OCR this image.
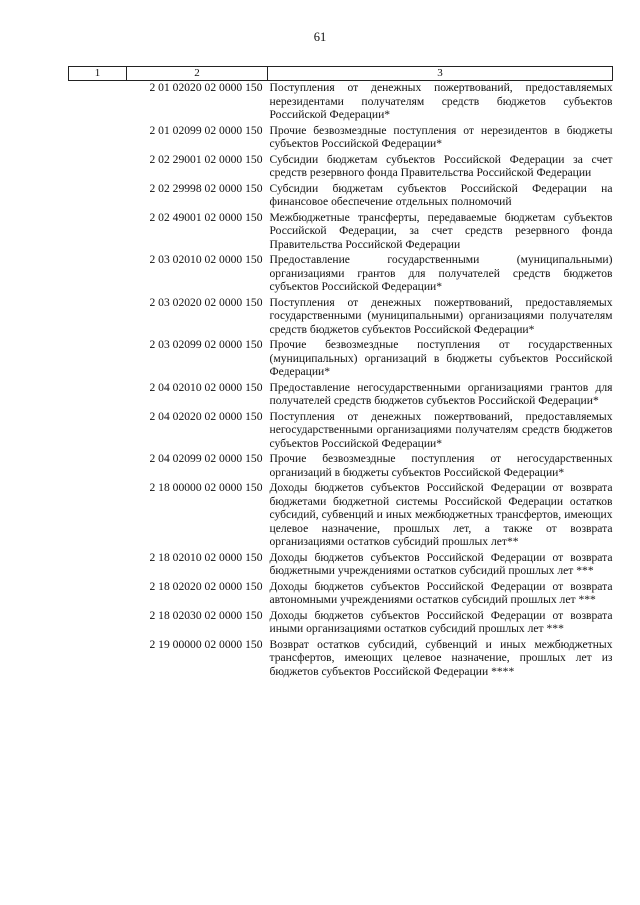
61
1	2	3
	2 01 02020 02 0000 150	Поступления от денежных пожертвований, предоставляемых нерезидентами получателям средств бюджетов субъектов Российской Федерации*
	2 01 02099 02 0000 150	Прочие безвозмездные поступления от нерезидентов в бюджеты субъектов Российской Федерации*
	2 02 29001 02 0000 150	Субсидии бюджетам субъектов Российской Федерации за счет средств резервного фонда Правительства Российской Федерации
	2 02 29998 02 0000 150	Субсидии бюджетам субъектов Российской Федерации на финансовое обеспечение отдельных полномочий
	2 02 49001 02 0000 150	Межбюджетные трансферты, передаваемые бюджетам субъектов Российской Федерации, за счет средств резервного фонда Правительства Российской Федерации
	2 03 02010 02 0000 150	Предоставление государственными (муниципальными) организациями грантов для получателей средств бюджетов субъектов Российской Федерации*
	2 03 02020 02 0000 150	Поступления от денежных пожертвований, предоставляемых государственными (муниципальными) организациями получателям средств бюджетов субъектов Российской Федерации*
	2 03 02099 02 0000 150	Прочие безвозмездные поступления от государственных (муниципальных) организаций в бюджеты субъектов Российской Федерации*
	2 04 02010 02 0000 150	Предоставление негосударственными организациями грантов для получателей средств бюджетов субъектов Российской Федерации*
	2 04 02020 02 0000 150	Поступления от денежных пожертвований, предоставляемых негосударственными организациями получателям средств бюджетов субъектов Российской Федерации*
	2 04 02099 02 0000 150	Прочие безвозмездные поступления от негосударственных организаций в бюджеты субъектов Российской Федерации*
	2 18 00000 02 0000 150	Доходы бюджетов субъектов Российской Федерации от возврата бюджетами бюджетной системы Российской Федерации остатков субсидий, субвенций и иных межбюджетных трансфертов, имеющих целевое назначение, прошлых лет, а также от возврата организациями остатков субсидий прошлых лет**
	2 18 02010 02 0000 150	Доходы бюджетов субъектов Российской Федерации от возврата бюджетными учреждениями остатков субсидий прошлых лет ***
	2 18 02020 02 0000 150	Доходы бюджетов субъектов Российской Федерации от возврата автономными учреждениями остатков субсидий прошлых лет ***
	2 18 02030 02 0000 150	Доходы бюджетов субъектов Российской Федерации от возврата иными организациями остатков субсидий прошлых лет ***
	2 19 00000 02 0000 150	Возврат остатков субсидий, субвенций и иных межбюджетных трансфертов, имеющих целевое назначение, прошлых лет из бюджетов субъектов Российской Федерации ****
